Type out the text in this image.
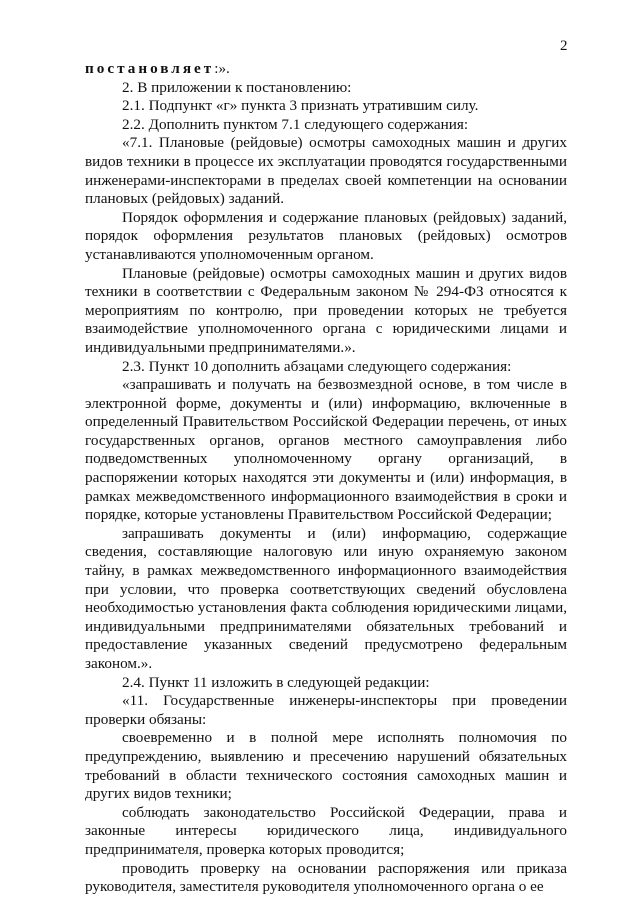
2

постановляет:».

2. В приложении к постановлению:

2.1. Подпункт «г» пункта 3 признать утратившим силу.

2.2. Дополнить пунктом 7.1 следующего содержания:

«7.1. Плановые (рейдовые) осмотры самоходных машин и других видов техники в процессе их эксплуатации проводятся государственными инженерами-инспекторами в пределах своей компетенции на основании плановых (рейдовых) заданий.

Порядок оформления и содержание плановых (рейдовых) заданий, порядок оформления результатов плановых (рейдовых) осмотров устанавливаются уполномоченным органом.

Плановые (рейдовые) осмотры самоходных машин и других видов техники в соответствии с Федеральным законом № 294-ФЗ относятся к мероприятиям по контролю, при проведении которых не требуется взаимодействие уполномоченного органа с юридическими лицами и индивидуальными предпринимателями.».

2.3. Пункт 10 дополнить абзацами следующего содержания:

«запрашивать и получать на безвозмездной основе, в том числе в электронной форме, документы и (или) информацию, включенные в определенный Правительством Российской Федерации перечень, от иных государственных органов, органов местного самоуправления либо подведомственных уполномоченному органу организаций, в распоряжении которых находятся эти документы и (или) информация, в рамках межведомственного информационного взаимодействия в сроки и порядке, которые установлены Правительством Российской Федерации;

запрашивать документы и (или) информацию, содержащие сведения, составляющие налоговую или иную охраняемую законом тайну, в рамках межведомственного информационного взаимодействия при условии, что проверка соответствующих сведений обусловлена необходимостью установления факта соблюдения юридическими лицами, индивидуальными предпринимателями обязательных требований и предоставление указанных сведений предусмотрено федеральным законом.».

2.4. Пункт 11 изложить в следующей редакции:

«11. Государственные инженеры-инспекторы при проведении проверки обязаны:

своевременно и в полной мере исполнять полномочия по предупреждению, выявлению и пресечению нарушений обязательных требований в области технического состояния самоходных машин и других видов техники;

соблюдать законодательство Российской Федерации, права и законные интересы юридического лица, индивидуального предпринимателя, проверка которых проводится;

проводить проверку на основании распоряжения или приказа руководителя, заместителя руководителя уполномоченного органа о ее
